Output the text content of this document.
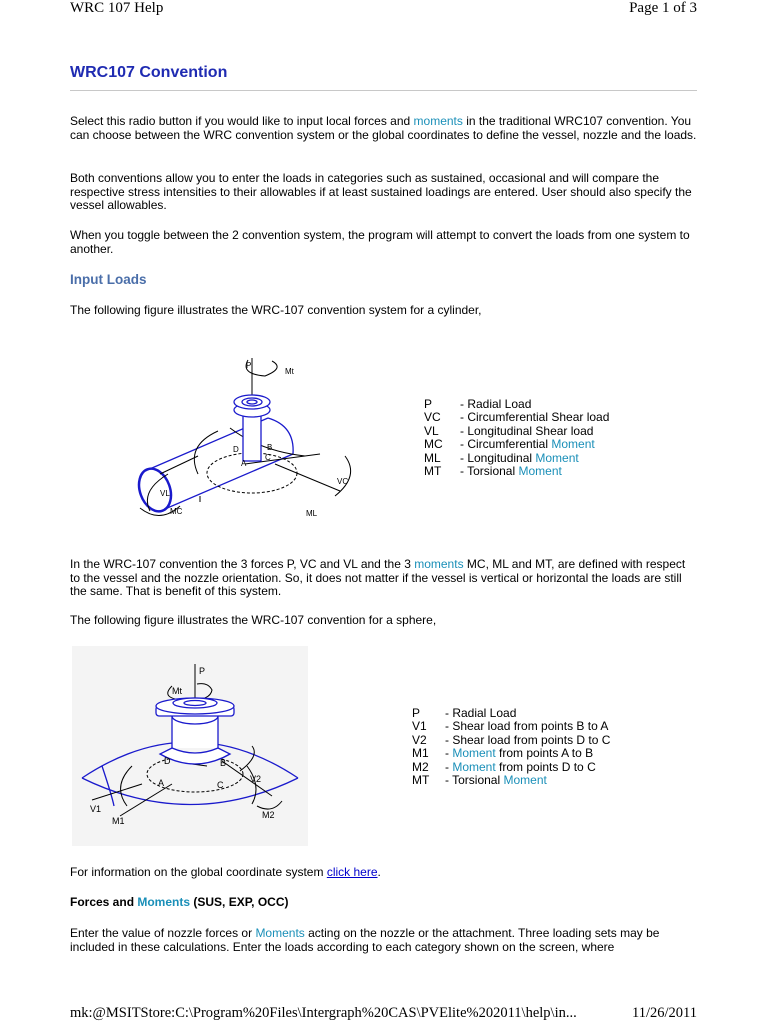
WRC 107 Help	Page 1 of 3
WRC107 Convention

Select this radio button if you would like to input local forces and moments in the traditional WRC107 convention. You can choose between the WRC convention system or the global coordinates to define the vessel, nozzle and the loads.

Both conventions allow you to enter the loads in categories such as sustained, occasional and will compare the respective stress intensities to their allowables if at least sustained loadings are entered. User should also specify the vessel allowables.

When you toggle between the 2 convention system, the program will attempt to convert the loads from one system to another.

Input Loads

The following figure illustrates the WRC-107 convention system for a cylinder,

P
Mt
D	B
A
C
VL
MC
VC
ML
P - Radial Load
VC - Circumferential Shear load
VL - Longitudinal Shear load
MC - Circumferential Moment
ML - Longitudinal Moment
MT - Torsional Moment

In the WRC-107 convention the 3 forces P, VC and VL and the 3 moments MC, ML and MT, are defined with respect to the vessel and the nozzle orientation. So, it does not matter if the vessel is vertical or horizontal the loads are still the same. That is benefit of this system.

The following figure illustrates the WRC-107 convention for a sphere,

P
Mt
D	B
A	C
V1
M1
V2
M2
P - Radial Load
V1 - Shear load from points B to A
V2 - Shear load from points D to C
M1 - Moment from points A to B
M2 - Moment from points D to C
MT - Torsional Moment

For information on the global coordinate system click here.

Forces and Moments (SUS, EXP, OCC)

Enter the value of nozzle forces or Moments acting on the nozzle or the attachment. Three loading sets may be included in these calculations. Enter the loads according to each category shown on the screen, where

mk:@MSITStore:C:\Program%20Files\Intergraph%20CAS\PVElite%202011\help\in...	11/26/2011
